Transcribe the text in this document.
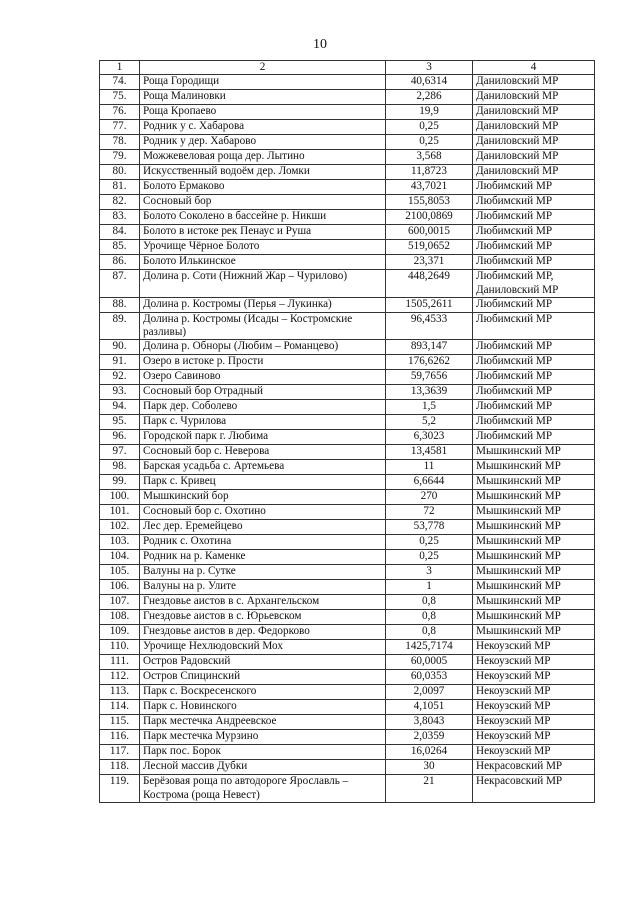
10
1	2	3	4
74.	Роща Городищи	40,6314	Даниловский МР
75.	Роща Малиновки	2,286	Даниловский МР
76.	Роща Кропаево	19,9	Даниловский МР
77.	Родник у с. Хабарова	0,25	Даниловский МР
78.	Родник у дер. Хабарово	0,25	Даниловский МР
79.	Можжевеловая роща дер. Лытино	3,568	Даниловский МР
80.	Искусственный водоём дер. Ломки	11,8723	Даниловский МР
81.	Болото Ермаково	43,7021	Любимский МР
82.	Сосновый бор	155,8053	Любимский МР
83.	Болото Соколено в бассейне р. Никши	2100,0869	Любимский МР
84.	Болото в истоке рек Пенаус и Руша	600,0015	Любимский МР
85.	Урочище Чёрное Болото	519,0652	Любимский МР
86.	Болото Илькинское	23,371	Любимский МР
87.	Долина р. Соти (Нижний Жар – Чурилово)	448,2649	Любимский МР, Даниловский МР
88.	Долина р. Костромы (Перья – Лукинка)	1505,2611	Любимский МР
89.	Долина р. Костромы (Исады – Костромские разливы)	96,4533	Любимский МР
90.	Долина р. Обноры (Любим – Романцево)	893,147	Любимский МР
91.	Озеро в истоке р. Прости	176,6262	Любимский МР
92.	Озеро Савиново	59,7656	Любимский МР
93.	Сосновый бор Отрадный	13,3639	Любимский МР
94.	Парк дер. Соболево	1,5	Любимский МР
95.	Парк с. Чурилова	5,2	Любимский МР
96.	Городской парк г. Любима	6,3023	Любимский МР
97.	Сосновый бор с. Неверова	13,4581	Мышкинский МР
98.	Барская усадьба с. Артемьева	11	Мышкинский МР
99.	Парк с. Кривец	6,6644	Мышкинский МР
100.	Мышкинский бор	270	Мышкинский МР
101.	Сосновый бор с. Охотино	72	Мышкинский МР
102.	Лес дер. Еремейцево	53,778	Мышкинский МР
103.	Родник с. Охотина	0,25	Мышкинский МР
104.	Родник на р. Каменке	0,25	Мышкинский МР
105.	Валуны на р. Сутке	3	Мышкинский МР
106.	Валуны на р. Улите	1	Мышкинский МР
107.	Гнездовье аистов в с. Архангельском	0,8	Мышкинский МР
108.	Гнездовье аистов в с. Юрьевском	0,8	Мышкинский МР
109.	Гнездовье аистов в дер. Федорково	0,8	Мышкинский МР
110.	Урочище Нехлюдовский Мох	1425,7174	Некоузский МР
111.	Остров Радовский	60,0005	Некоузский МР
112.	Остров Спицинский	60,0353	Некоузский МР
113.	Парк с. Воскресенского	2,0097	Некоузский МР
114.	Парк с. Новинского	4,1051	Некоузский МР
115.	Парк местечка Андреевское	3,8043	Некоузский МР
116.	Парк местечка Мурзино	2,0359	Некоузский МР
117.	Парк пос. Борок	16,0264	Некоузский МР
118.	Лесной массив Дубки	30	Некрасовский МР
119.	Берёзовая роща по автодороге Ярославль – Кострома (роща Невест)	21	Некрасовский МР
